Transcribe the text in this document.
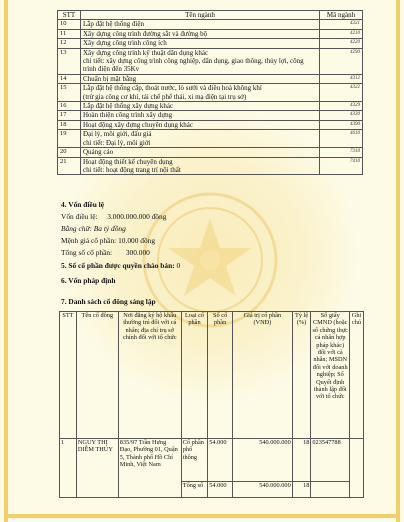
STT	Tên ngành	Mã ngành
10	Lắp đặt hệ thống điện	4321
11	Xây dựng công trình đường sắt và đường bộ	4210
12	Xây dựng công trình công ích	4220
13	Xây dựng công trình kỹ thuật dân dụng khác
chi tiết: xây dựng công trình công nghiệp, dân dụng, giao thông, thủy lợi, công trình điện đến 35Kv	4290
14	Chuẩn bị mặt bằng	4312
15	Lắp đặt hệ thống cấp, thoát nước, lò sưởi và điều hoà không khí
(trừ gia công cơ khí, tái chế phế thải, xi mạ điện tại trụ sở)	4322
16	Lắp đặt hệ thống xây dựng khác	4329
17	Hoàn thiện công trình xây dựng	4330
18	Hoạt động xây dựng chuyên dụng khác	4390
19	Đại lý, môi giới, đấu giá
chi tiết: Đại lý, môi giới	4610
20	Quảng cáo	7310
21	Hoạt động thiết kế chuyên dụng
chi tiết: hoạt động trang trí nội thất	7410
4. Vốn điều lệ
Vốn điều lệ: 3.000.000.000 đồng
Bằng chữ: Ba tỷ đồng
Mệnh giá cổ phần: 10.000 đồng
Tổng số cổ phần: 300.000
5. Số cổ phần được quyền chào bán: 0
6. Vốn pháp định
7. Danh sách cổ đông sáng lập
STT	Tên cổ đông	Nơi đăng ký hộ khẩu thường trú đối với cá nhân; địa chỉ trụ sở chính đối với tổ chức	Loại cổ phần	Số cổ phần	Giá trị cổ phần (VNĐ)	Tỷ lệ (%)	Số giấy CMND (hoặc số chứng thực cá nhân hợp pháp khác) đối với cá nhân; MSDN đối với doanh nghiệp; Số Quyết định thành lập đối với tổ chức	Ghi chú
1	NGUY THỊ DIỄM THÚY	835/97 Trần Hưng Đạo, Phường 01, Quận 5, Thành phố Hồ Chí Minh, Việt Nam	Cổ phần phổ thông	54.000	540.000.000	18	023547788	
			Tổng số	54.000	540.000.000	18		
